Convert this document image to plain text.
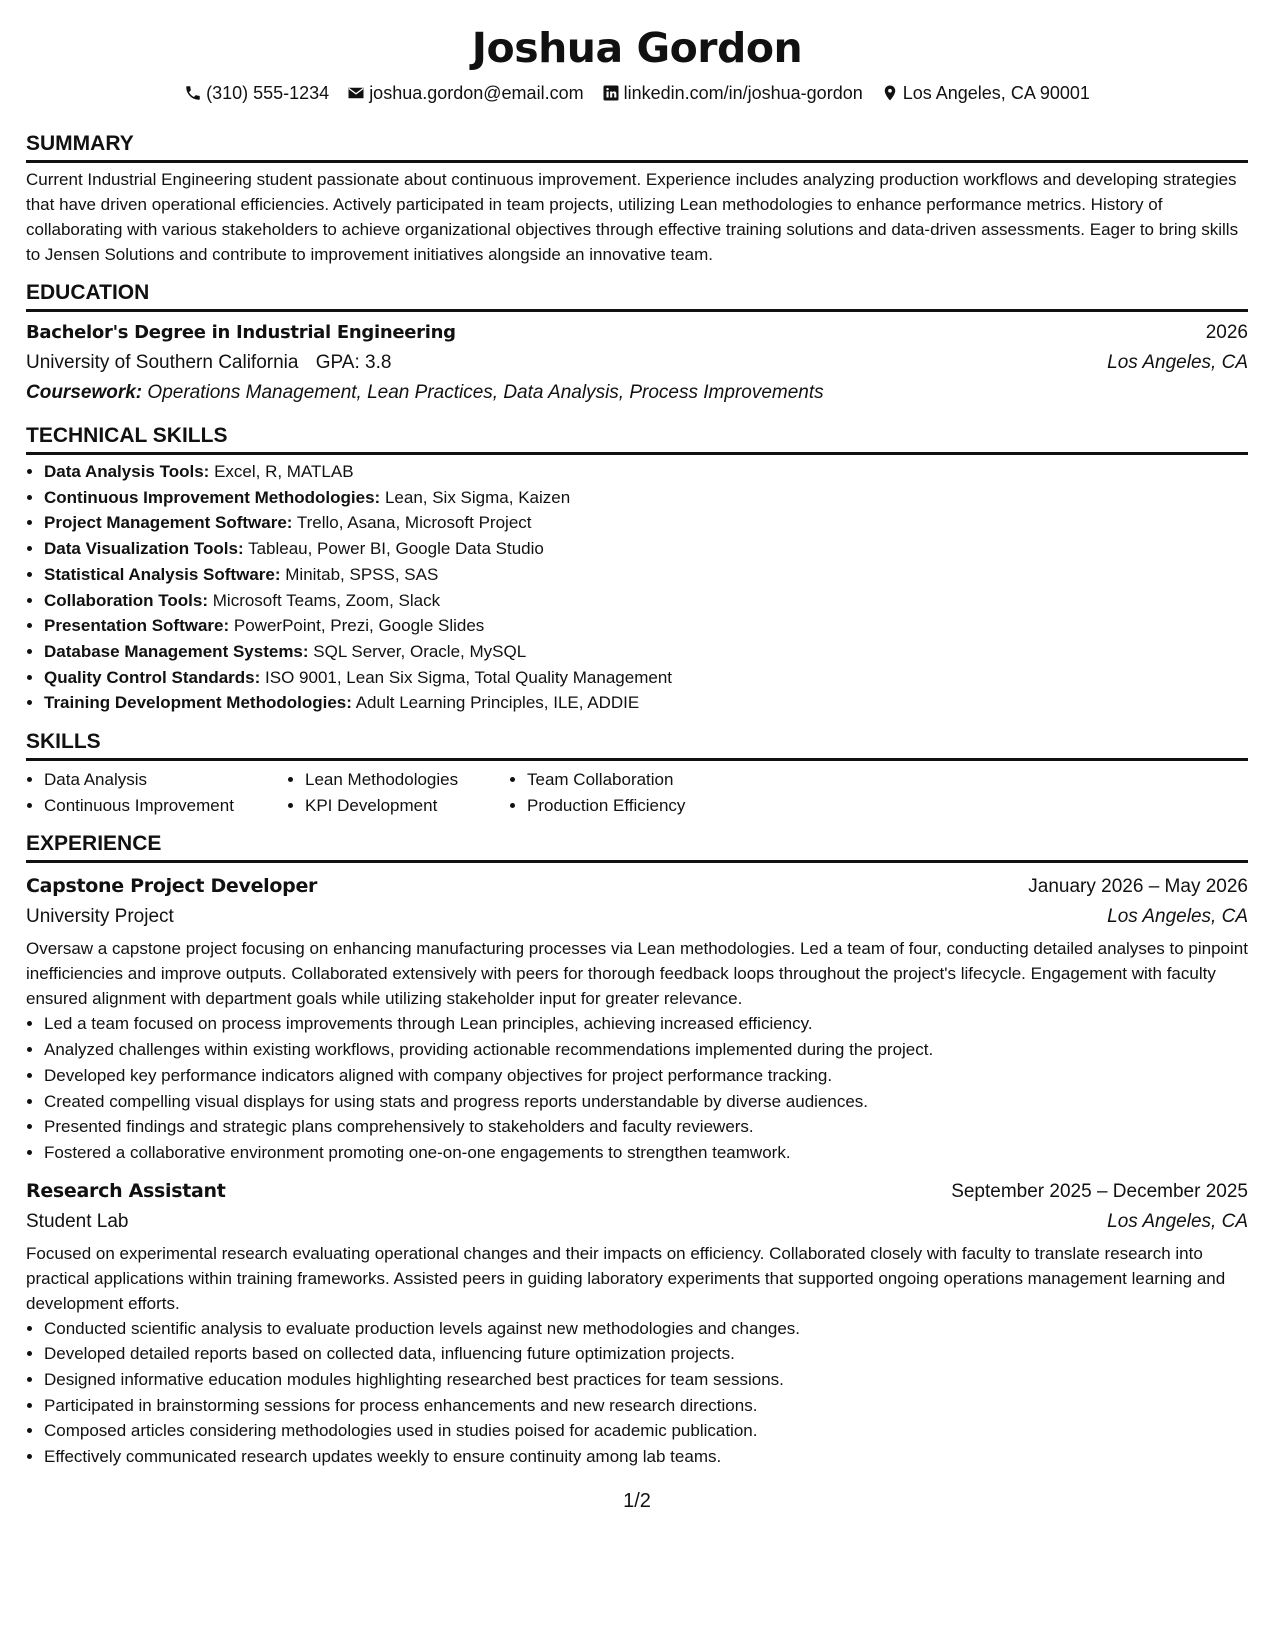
Joshua Gordon
(310) 555-1234 joshua.gordon@email.com linkedin.com/in/joshua-gordon Los Angeles, CA 90001
SUMMARY

Current Industrial Engineering student passionate about continuous improvement. Experience includes analyzing production workflows and developing strategies that have driven operational efficiencies. Actively participated in team projects, utilizing Lean methodologies to enhance performance metrics. History of collaborating with various stakeholders to achieve organizational objectives through effective training solutions and data-driven assessments. Eager to bring skills to Jensen Solutions and contribute to improvement initiatives alongside an innovative team.

EDUCATION
Bachelor's Degree in Industrial Engineering	2026
University of Southern California GPA: 3.8	Los Angeles, CA
Coursework: Operations Management, Lean Practices, Data Analysis, Process Improvements
TECHNICAL SKILLS
• Data Analysis Tools: Excel, R, MATLAB
• Continuous Improvement Methodologies: Lean, Six Sigma, Kaizen
• Project Management Software: Trello, Asana, Microsoft Project
• Data Visualization Tools: Tableau, Power BI, Google Data Studio
• Statistical Analysis Software: Minitab, SPSS, SAS
• Collaboration Tools: Microsoft Teams, Zoom, Slack
• Presentation Software: PowerPoint, Prezi, Google Slides
• Database Management Systems: SQL Server, Oracle, MySQL
• Quality Control Standards: ISO 9001, Lean Six Sigma, Total Quality Management
• Training Development Methodologies: Adult Learning Principles, ILE, ADDIE
SKILLS
• Data Analysis
• Continuous Improvement
• Lean Methodologies
• KPI Development
• Team Collaboration
• Production Efficiency
EXPERIENCE
Capstone Project Developer	January 2026 – May 2026
University Project	Los Angeles, CA

Oversaw a capstone project focusing on enhancing manufacturing processes via Lean methodologies. Led a team of four, conducting detailed analyses to pinpoint inefficiencies and improve outputs. Collaborated extensively with peers for thorough feedback loops throughout the project's lifecycle. Engagement with faculty ensured alignment with department goals while utilizing stakeholder input for greater relevance.

• Led a team focused on process improvements through Lean principles, achieving increased efficiency.
• Analyzed challenges within existing workflows, providing actionable recommendations implemented during the project.
• Developed key performance indicators aligned with company objectives for project performance tracking.
• Created compelling visual displays for using stats and progress reports understandable by diverse audiences.
• Presented findings and strategic plans comprehensively to stakeholders and faculty reviewers.
• Fostered a collaborative environment promoting one-on-one engagements to strengthen teamwork.
Research Assistant	September 2025 – December 2025
Student Lab	Los Angeles, CA

Focused on experimental research evaluating operational changes and their impacts on efficiency. Collaborated closely with faculty to translate research into practical applications within training frameworks. Assisted peers in guiding laboratory experiments that supported ongoing operations management learning and development efforts.

• Conducted scientific analysis to evaluate production levels against new methodologies and changes.
• Developed detailed reports based on collected data, influencing future optimization projects.
• Designed informative education modules highlighting researched best practices for team sessions.
• Participated in brainstorming sessions for process enhancements and new research directions.
• Composed articles considering methodologies used in studies poised for academic publication.
• Effectively communicated research updates weekly to ensure continuity among lab teams.
1/2
